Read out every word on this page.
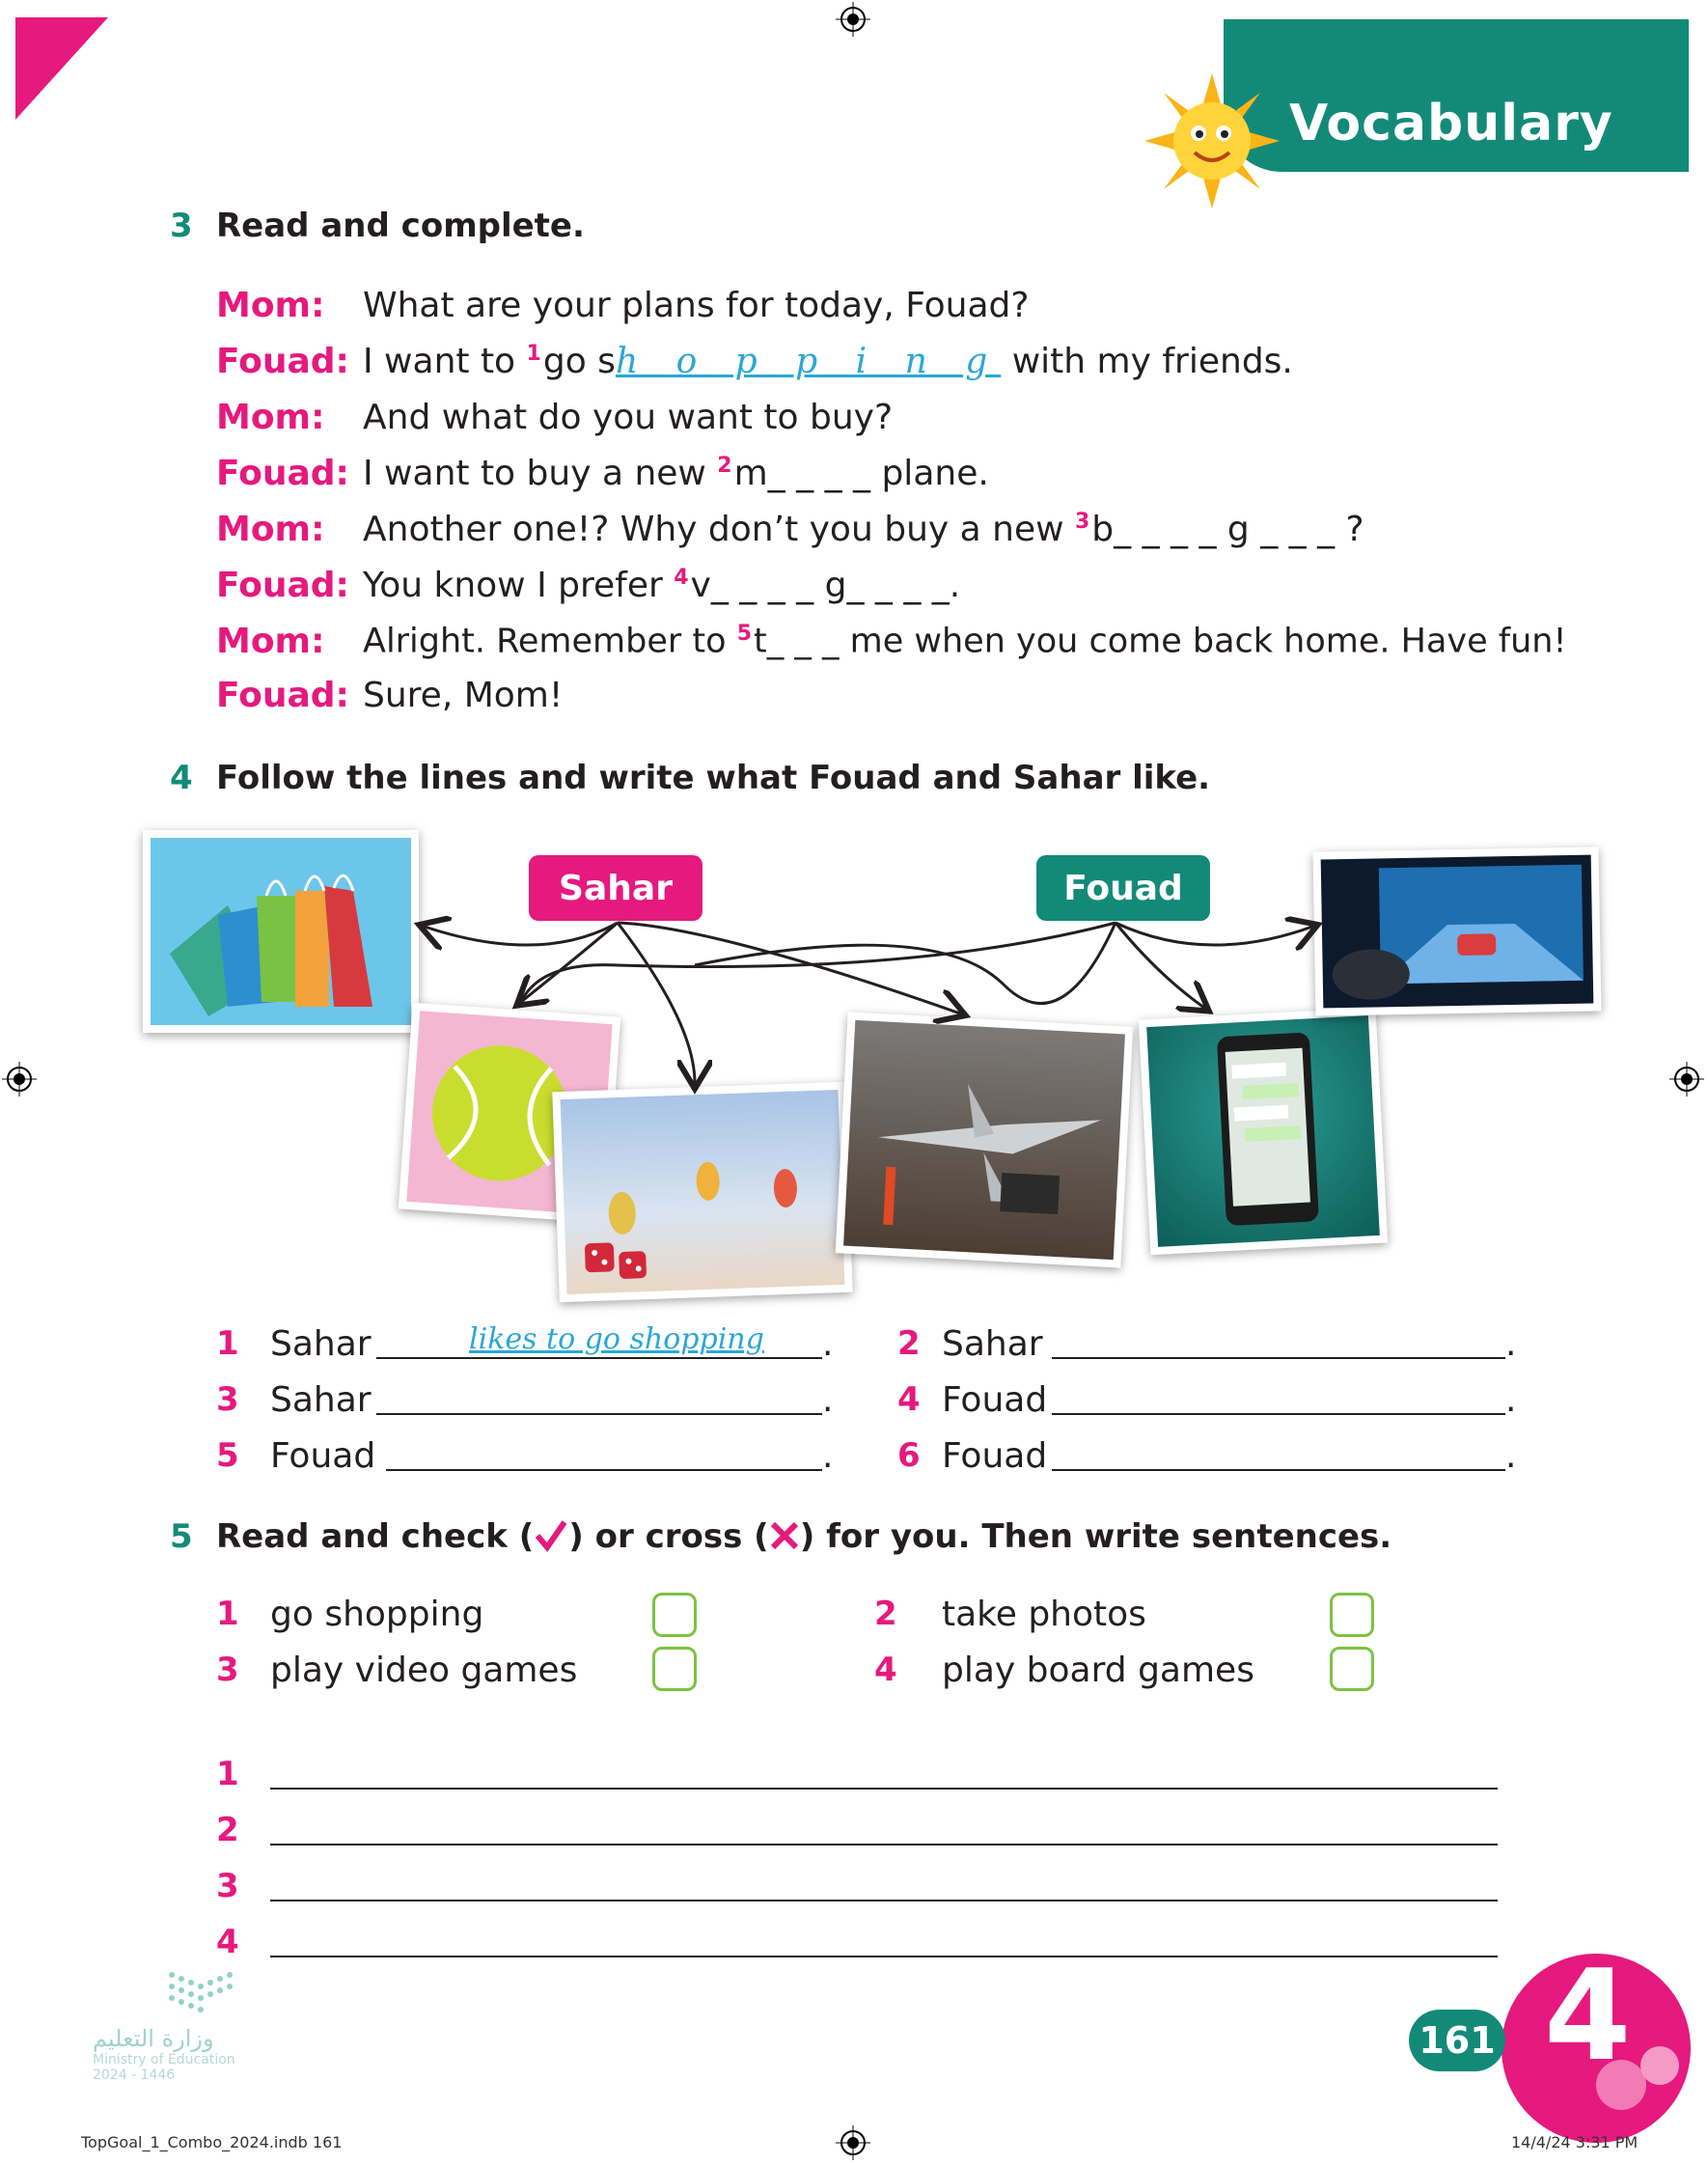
Vocabulary
3 Read and complete.
Mom: What are your plans for today, Fouad?
Fouad: I want to $^1$go sh o p p i n g with my friends.
Mom: And what do you want to buy?
Fouad: I want to buy a new $^2$m_ _ _ _ plane.
Mom: Another one!? Why don’t you buy a new $^3$b_ _ _ _ g _ _ _ ?
Fouad: You know I prefer $^4$v_ _ _ _ g_ _ _ _.
Mom: Alright. Remember to $^5$t_ _ _ me when you come back home. Have fun!
Fouad: Sure, Mom!
4 Follow the lines and write what Fouad and Sahar like.
Sahar	Fouad
1 Sahar	likes to go shopping . 2 Sahar	.
3 Sahar	. 4 Fouad	.
5 Fouad	. 6 Fouad	.
5 Read and check ( ) or cross ( ) for you. Then write sentences.
1 go shopping	2 take photos
3 play video games	4 play board games
1
2
3
4
وزارة التعليم
Ministry of Education
2024 - 1446	4
161
TopGoal_1_Combo_2024.indb 161	14/4/24 3:31 PM
